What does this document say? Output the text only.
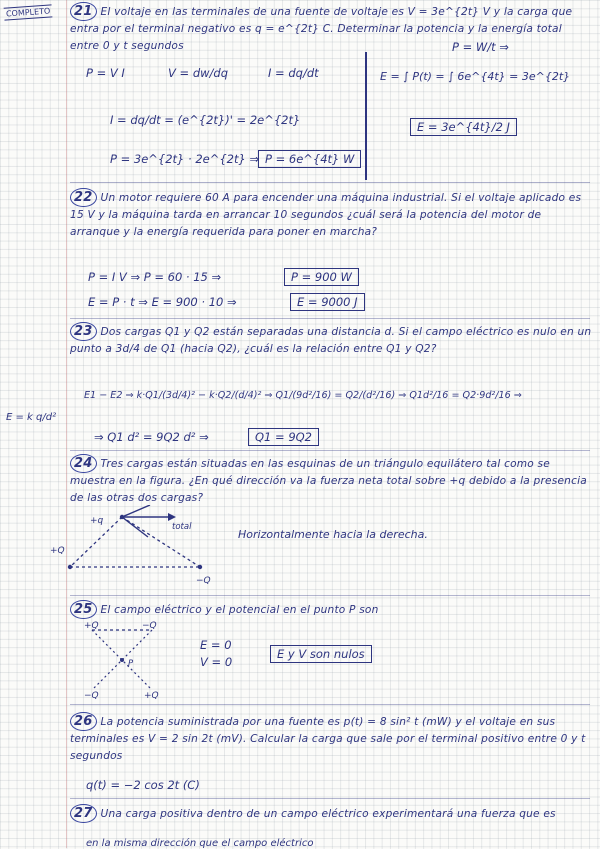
COMPLETO
E = k q/d²
21 El voltaje en las terminales de una fuente de voltaje es V = 3e^{2t} V y la carga que entra por el terminal negativo es q = e^{2t} C. Determinar la potencia y la energía total entre 0 y t segundos
P = V I	V = dw/dq	I = dq/dt
I = dq/dt = (e^{2t})' = 2e^{2t}
P = 3e^{2t} · 2e^{2t} ⇒ P = 6e^{4t} W
P = W/t ⇒
E = ∫ P(t) = ∫ 6e^{4t} = 3e^{2t}
E = 3e^{4t}/2 J
22 Un motor requiere 60 A para encender una máquina industrial. Si el voltaje aplicado es 15 V y la máquina tarda en arrancar 10 segundos ¿cuál será la potencia del motor de arranque y la energía requerida para poner en marcha?
P = I V ⇒ P = 60 · 15 ⇒	P = 900 W
E = P · t ⇒ E = 900 · 10 ⇒	E = 9000 J
23 Dos cargas Q1 y Q2 están separadas una distancia d. Si el campo eléctrico es nulo en un punto a 3d/4 de Q1 (hacia Q2), ¿cuál es la relación entre Q1 y Q2?
E1 − E2 ⇒ k·Q1/(3d/4)² − k·Q2/(d/4)² ⇒ Q1/(9d²/16) = Q2/(d²/16) ⇒ Q1d²/16 = Q2·9d²/16 ⇒
⇒ Q1 d² = 9Q2 d² ⇒	Q1 = 9Q2
24 Tres cargas están situadas en las esquinas de un triángulo equilátero tal como se muestra en la figura. ¿En qué dirección va la fuerza neta total sobre +q debido a la presencia de las otras dos cargas?
+q
+Q
−Q
total
Horizontalmente hacia la derecha.
25 El campo eléctrico y el potencial en el punto P son
+Q	−Q
P
−Q	+Q
E = 0
V = 0
E y V son nulos
26 La potencia suministrada por una fuente es p(t) = 8 sin² t (mW) y el voltaje en sus terminales es V = 2 sin 2t (mV). Calcular la carga que sale por el terminal positivo entre 0 y t segundos
q(t) = −2 cos 2t (C)
27 Una carga positiva dentro de un campo eléctrico experimentará una fuerza que es
en la misma dirección que el campo eléctrico
